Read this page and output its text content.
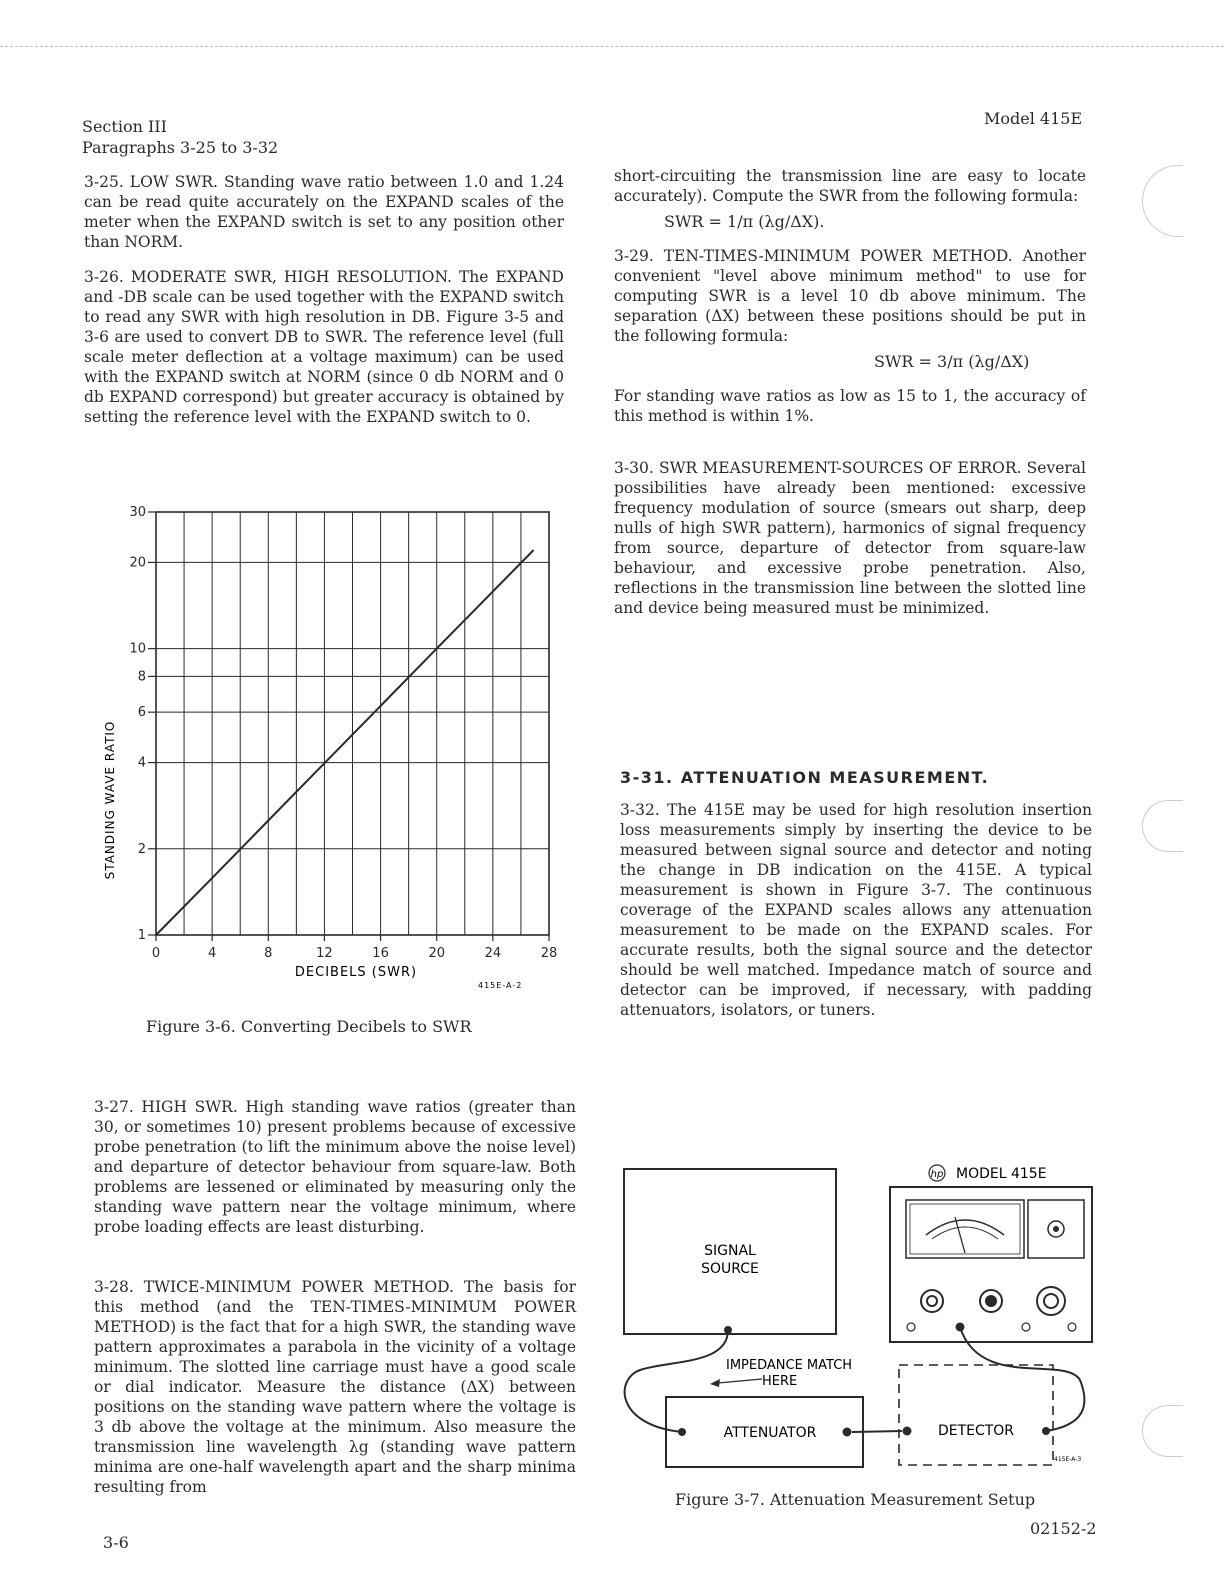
Section III
Paragraphs 3-25 to 3-32
Model 415E

3-25. LOW SWR. Standing wave ratio between 1.0 and 1.24 can be read quite accurately on the EXPAND scales of the meter when the EXPAND switch is set to any position other than NORM.

3-26. MODERATE SWR, HIGH RESOLUTION. The EXPAND and -DB scale can be used together with the EXPAND switch to read any SWR with high resolution in DB. Figure 3-5 and 3-6 are used to convert DB to SWR. The reference level (full scale meter deflection at a voltage maximum) can be used with the EXPAND switch at NORM (since 0 db NORM and 0 db EXPAND correspond) but greater accuracy is obtained by setting the reference level with the EXPAND switch to 0.

30
20
10
8
6
4
2
1
0	4	8	12	16	20	24	28
STANDING WAVE RATIO
DECIBELS (SWR)
415E-A-2
Figure 3-6. Converting Decibels to SWR

3-27. HIGH SWR. High standing wave ratios (greater than 30, or sometimes 10) present problems because of excessive probe penetration (to lift the minimum above the noise level) and departure of detector behaviour from square-law. Both problems are lessened or eliminated by measuring only the standing wave pattern near the voltage minimum, where probe loading effects are least disturbing.

3-28. TWICE-MINIMUM POWER METHOD. The basis for this method (and the TEN-TIMES-MINIMUM POWER METHOD) is the fact that for a high SWR, the standing wave pattern approximates a parabola in the vicinity of a voltage minimum. The slotted line carriage must have a good scale or dial indicator. Measure the distance (ΔX) between positions on the standing wave pattern where the voltage is 3 db above the voltage at the minimum. Also measure the transmission line wavelength λg (standing wave pattern minima are one-half wavelength apart and the sharp minima resulting from

short-circuiting the transmission line are easy to locate accurately). Compute the SWR from the following formula:

SWR = 1/π (λg/ΔX).

3-29. TEN-TIMES-MINIMUM POWER METHOD. Another convenient "level above minimum method" to use for computing SWR is a level 10 db above minimum. The separation (ΔX) between these positions should be put in the following formula:

SWR = 3/π (λg/ΔX)

For standing wave ratios as low as 15 to 1, the accuracy of this method is within 1%.

3-30. SWR MEASUREMENT-SOURCES OF ERROR. Several possibilities have already been mentioned: excessive frequency modulation of source (smears out sharp, deep nulls of high SWR pattern), harmonics of signal frequency from source, departure of detector from square-law behaviour, and excessive probe penetration. Also, reflections in the transmission line between the slotted line and device being measured must be minimized.

3-31. ATTENUATION MEASUREMENT.

3-32. The 415E may be used for high resolution insertion loss measurements simply by inserting the device to be measured between signal source and detector and noting the change in DB indication on the 415E. A typical measurement is shown in Figure 3-7. The continuous coverage of the EXPAND scales allows any attenuation measurement to be made on the EXPAND scales. For accurate results, both the signal source and the detector should be well matched. Impedance match of source and detector can be improved, if necessary, with padding attenuators, isolators, or tuners.

SIGNAL
SOURCE
hp MODEL 415E
ATTENUATOR	DETECTOR
415E-A-3
IMPEDANCE MATCH
HERE
Figure 3-7. Attenuation Measurement Setup
3-6
02152-2
